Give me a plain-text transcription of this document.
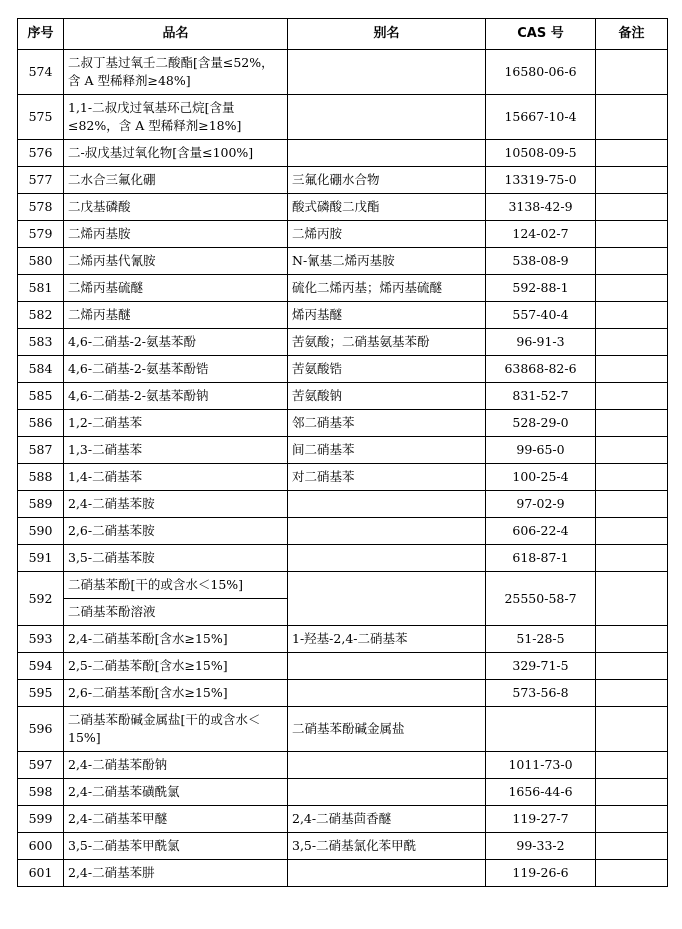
序号	品名	别名	CAS 号	备注
574	二叔丁基过氧壬二酸酯[含量≤52%，含 A 型稀释剂≥48%]		16580-06-6	
575	1,1-二叔戊过氧基环己烷[含量≤82%，含 A 型稀释剂≥18%]		15667-10-4	
576	二-叔戊基过氧化物[含量≤100%]		10508-09-5	
577	二水合三氟化硼	三氟化硼水合物	13319-75-0	
578	二戊基磷酸	酸式磷酸二戊酯	3138-42-9	
579	二烯丙基胺	二烯丙胺	124-02-7	
580	二烯丙基代氰胺	N-氰基二烯丙基胺	538-08-9	
581	二烯丙基硫醚	硫化二烯丙基；烯丙基硫醚	592-88-1	
582	二烯丙基醚	烯丙基醚	557-40-4	
583	4,6-二硝基-2-氨基苯酚	苦氨酸；二硝基氨基苯酚	96-91-3	
584	4,6-二硝基-2-氨基苯酚锆	苦氨酸锆	63868-82-6	
585	4,6-二硝基-2-氨基苯酚钠	苦氨酸钠	831-52-7	
586	1,2-二硝基苯	邻二硝基苯	528-29-0	
587	1,3-二硝基苯	间二硝基苯	99-65-0	
588	1,4-二硝基苯	对二硝基苯	100-25-4	
589	2,4-二硝基苯胺		97-02-9	
590	2,6-二硝基苯胺		606-22-4	
591	3,5-二硝基苯胺		618-87-1	
592	二硝基苯酚[干的或含水＜15%]		25550-58-7	
	二硝基苯酚溶液			
593	2,4-二硝基苯酚[含水≥15%]	1-羟基-2,4-二硝基苯	51-28-5	
594	2,5-二硝基苯酚[含水≥15%]		329-71-5	
595	2,6-二硝基苯酚[含水≥15%]		573-56-8	
596	二硝基苯酚碱金属盐[干的或含水＜15%]	二硝基苯酚碱金属盐		
597	2,4-二硝基苯酚钠		1011-73-0	
598	2,4-二硝基苯磺酰氯		1656-44-6	
599	2,4-二硝基苯甲醚	2,4-二硝基茴香醚	119-27-7	
600	3,5-二硝基苯甲酰氯	3,5-二硝基氯化苯甲酰	99-33-2	
601	2,4-二硝基苯肼		119-26-6	
